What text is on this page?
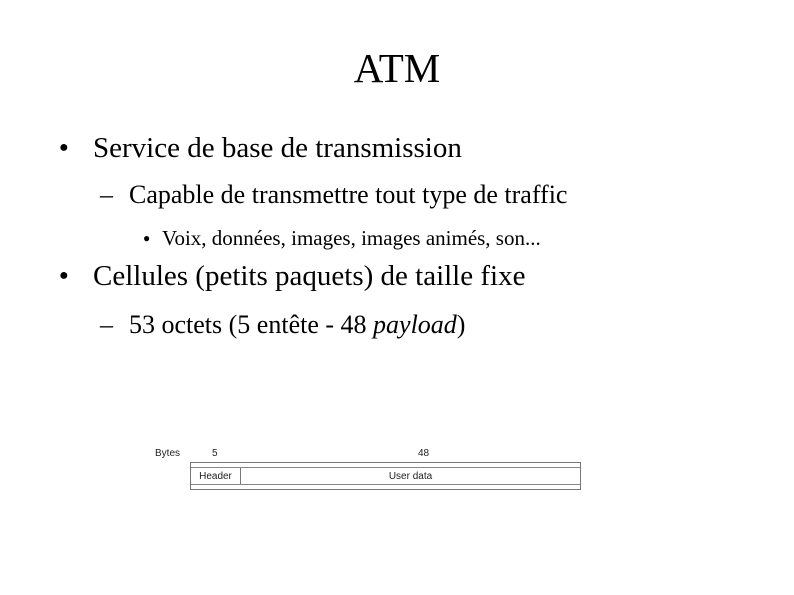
ATM
● Service de base de transmission
– Capable de transmettre tout type de traffic
● Voix, données, images, images animés, son...
● Cellules (petits paquets) de taille fixe
– 53 octets (5 entête - 48 payload)
Bytes	5	48
Header	User data
